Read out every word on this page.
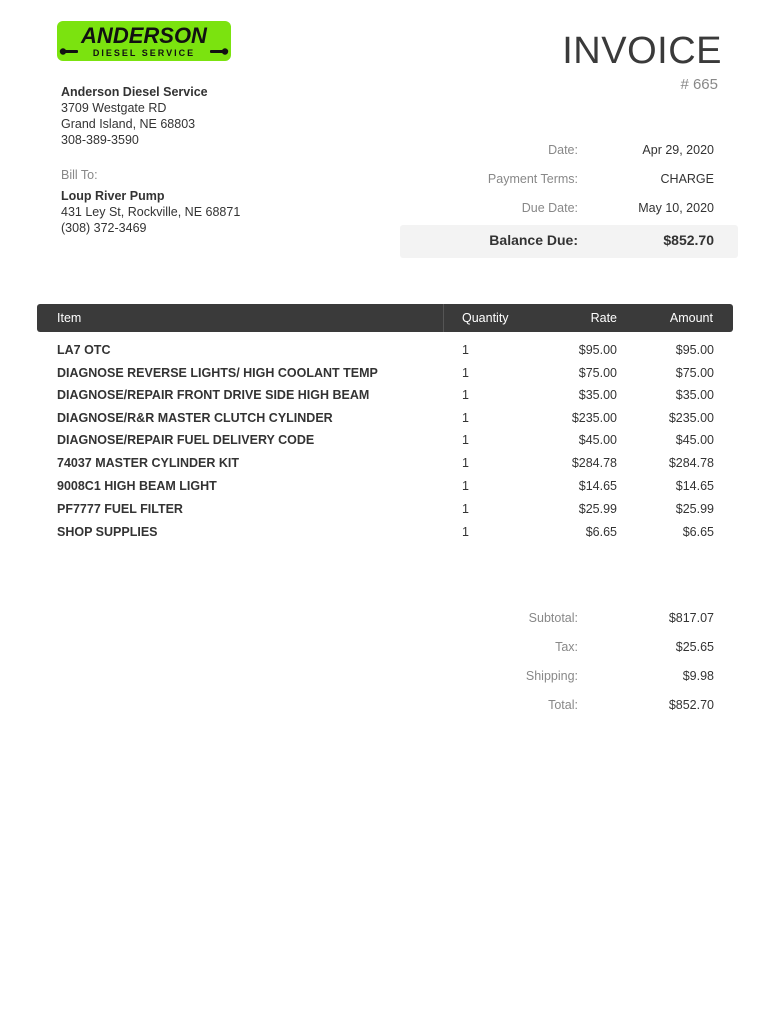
ANDERSON
DIESEL SERVICE	INVOICE
# 665
Anderson Diesel Service
3709 Westgate RD
Grand Island, NE 68803
308-389-3590
Bill To:
Loup River Pump
431 Ley St, Rockville, NE 68871
(308) 372-3469
Date:	Apr 29, 2020
Payment Terms:	CHARGE
Due Date:	May 10, 2020
Balance Due:	$852.70
Item	Quantity	Rate	Amount
LA7 OTC	1	$95.00	$95.00
DIAGNOSE REVERSE LIGHTS/ HIGH COOLANT TEMP	1	$75.00	$75.00
DIAGNOSE/REPAIR FRONT DRIVE SIDE HIGH BEAM	1	$35.00	$35.00
DIAGNOSE/R&R MASTER CLUTCH CYLINDER	1	$235.00	$235.00
DIAGNOSE/REPAIR FUEL DELIVERY CODE	1	$45.00	$45.00
74037 MASTER CYLINDER KIT	1	$284.78	$284.78
9008C1 HIGH BEAM LIGHT	1	$14.65	$14.65
PF7777 FUEL FILTER	1	$25.99	$25.99
SHOP SUPPLIES	1	$6.65	$6.65
Subtotal:	$817.07
Tax:	$25.65
Shipping:	$9.98
Total:	$852.70
